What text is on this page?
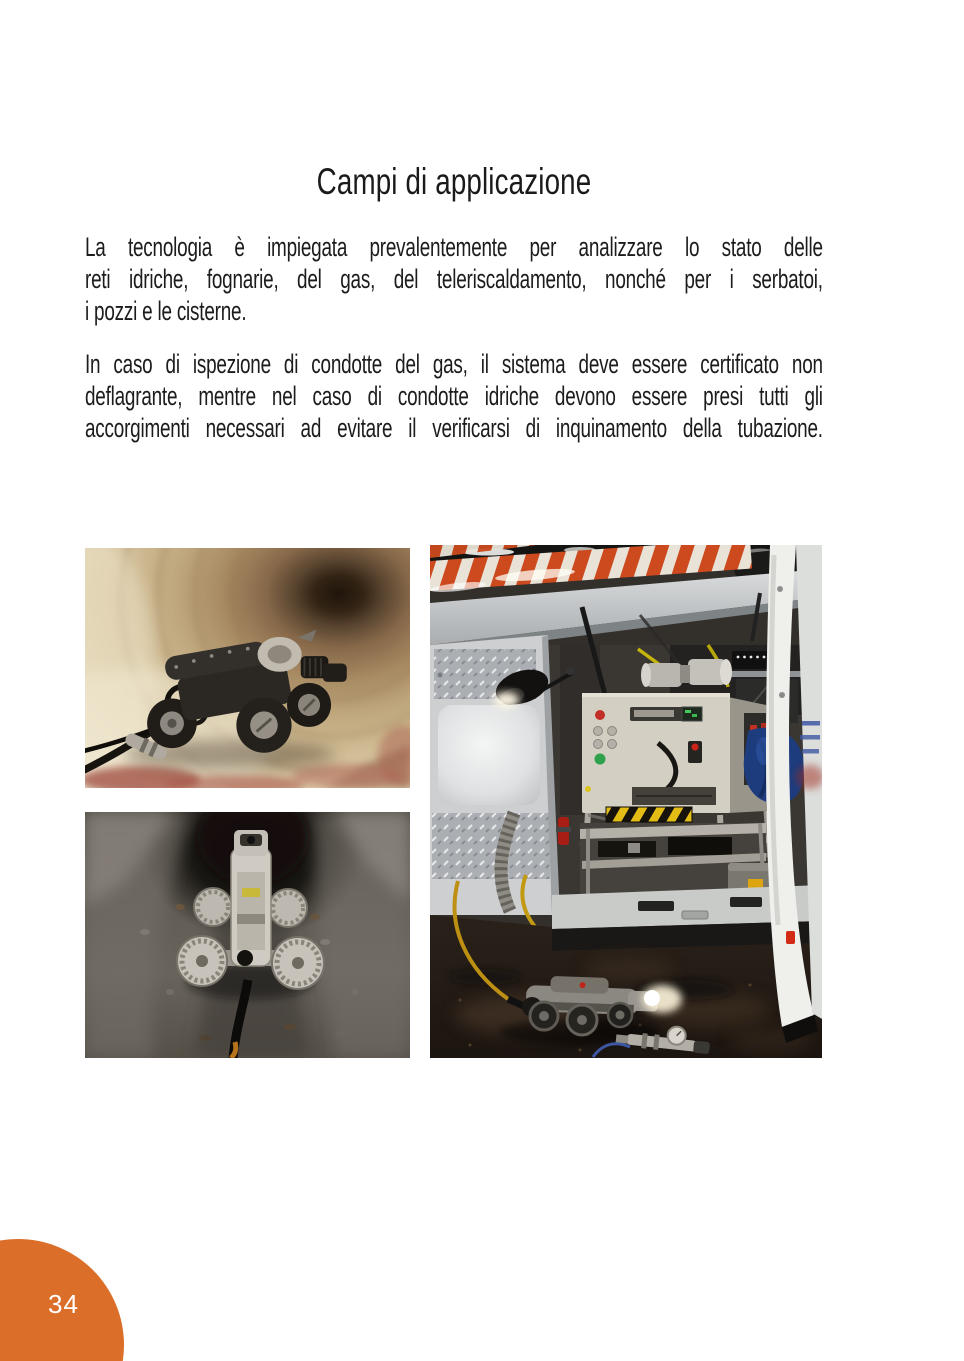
Campi di applicazione
La tecnologia è impiegata prevalentemente per analizzare lo stato delle
reti idriche, fognarie, del gas, del teleriscaldamento, nonché per i serbatoi,
i pozzi e le cisterne.
In caso di ispezione di condotte del gas, il sistema deve essere certificato non
deflagrante, mentre nel caso di condotte idriche devono essere presi tutti gli
accorgimenti necessari ad evitare il verificarsi di inquinamento della tubazione.
34
